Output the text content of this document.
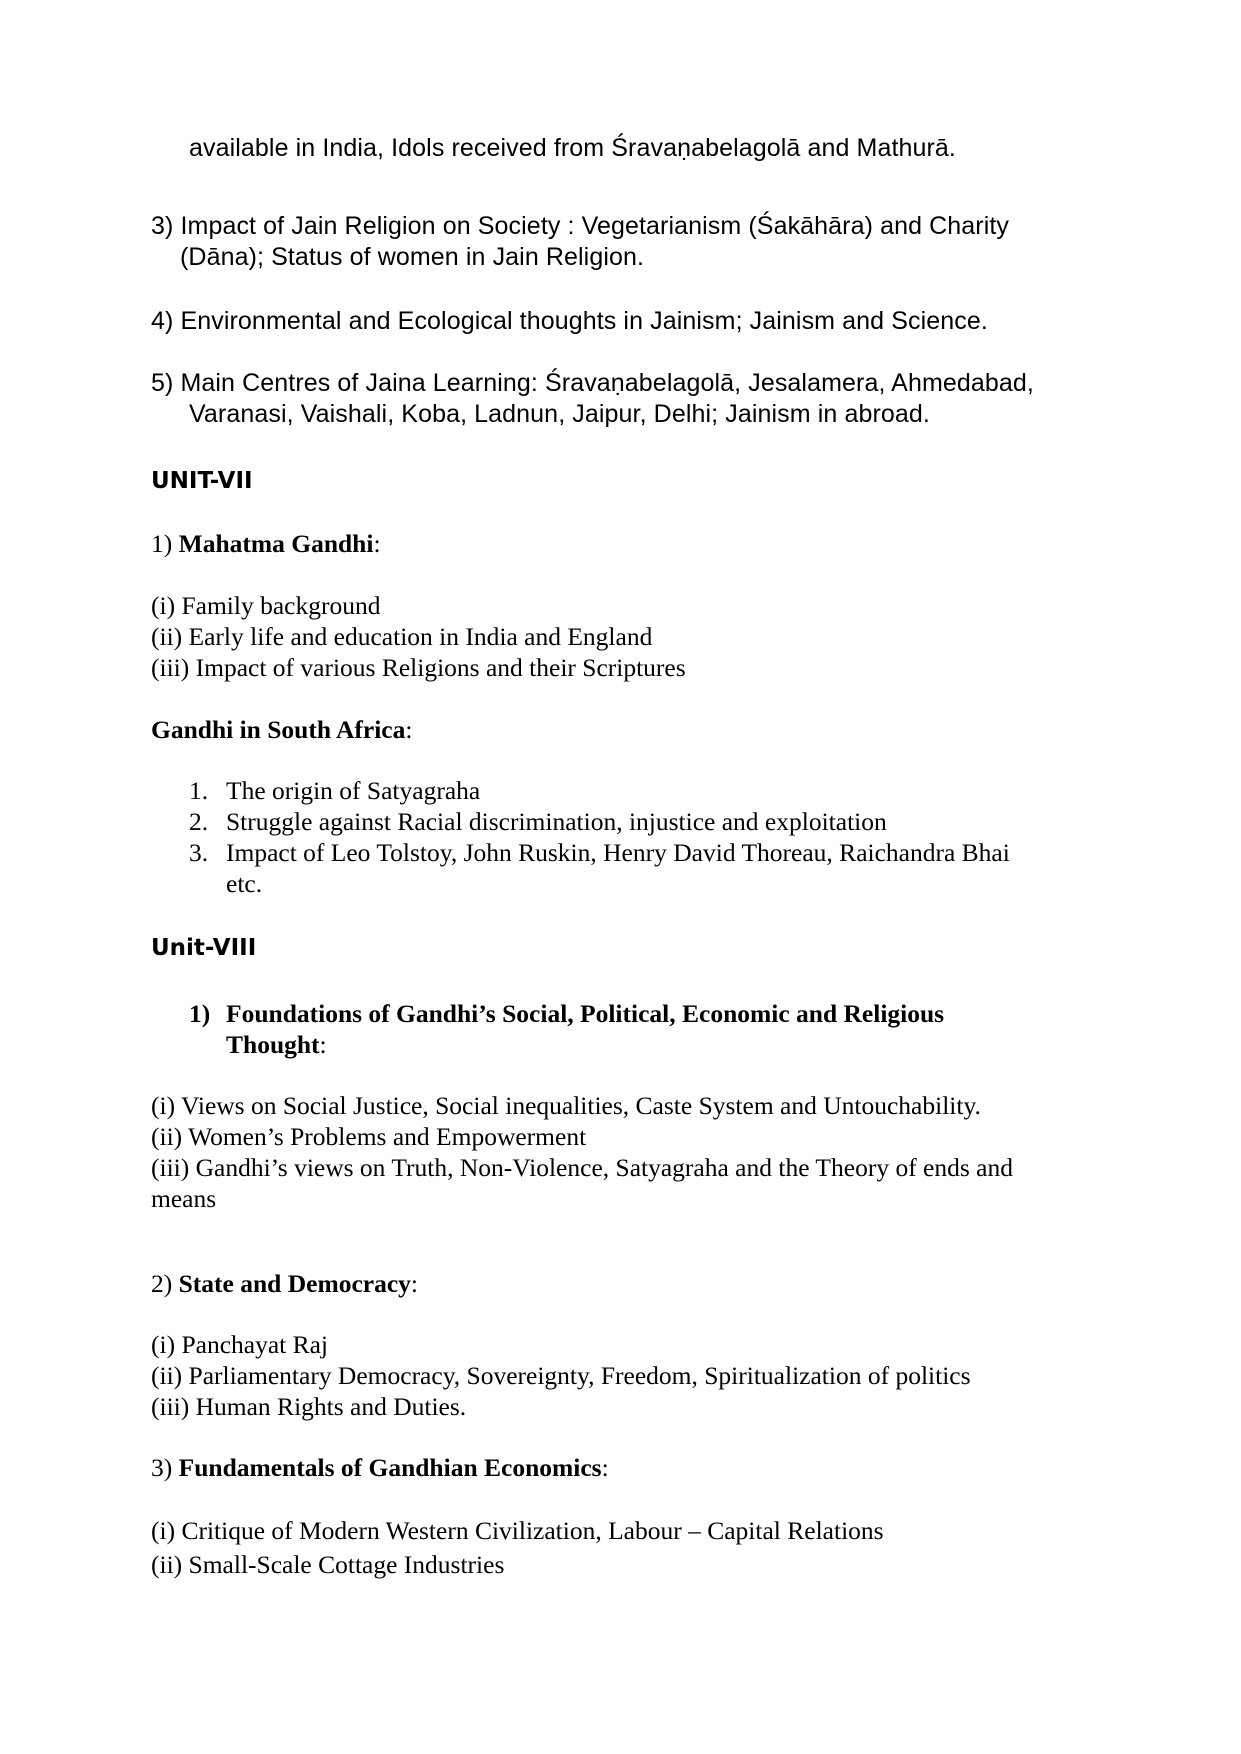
available in India, Idols received from Śravaṇabelagolā and Mathurā.
3) Impact of Jain Religion on Society : Vegetarianism (Śakāhāra) and Charity
(Dāna); Status of women in Jain Religion.
4) Environmental and Ecological thoughts in Jainism; Jainism and Science.
5) Main Centres of Jaina Learning: Śravaṇabelagolā, Jesalamera, Ahmedabad,
Varanasi, Vaishali, Koba, Ladnun, Jaipur, Delhi; Jainism in abroad.
UNIT-VII
1) Mahatma Gandhi:
(i) Family background
(ii) Early life and education in India and England
(iii) Impact of various Religions and their Scriptures
Gandhi in South Africa:
1. The origin of Satyagraha
2. Struggle against Racial discrimination, injustice and exploitation
3. Impact of Leo Tolstoy, John Ruskin, Henry David Thoreau, Raichandra Bhai
etc.
Unit-VIII
1) Foundations of Gandhi’s Social, Political, Economic and Religious
Thought:
(i) Views on Social Justice, Social inequalities, Caste System and Untouchability.
(ii) Women’s Problems and Empowerment
(iii) Gandhi’s views on Truth, Non-Violence, Satyagraha and the Theory of ends and
means
2) State and Democracy:
(i) Panchayat Raj
(ii) Parliamentary Democracy, Sovereignty, Freedom, Spiritualization of politics
(iii) Human Rights and Duties.
3) Fundamentals of Gandhian Economics:
(i) Critique of Modern Western Civilization, Labour – Capital Relations
(ii) Small-Scale Cottage Industries
